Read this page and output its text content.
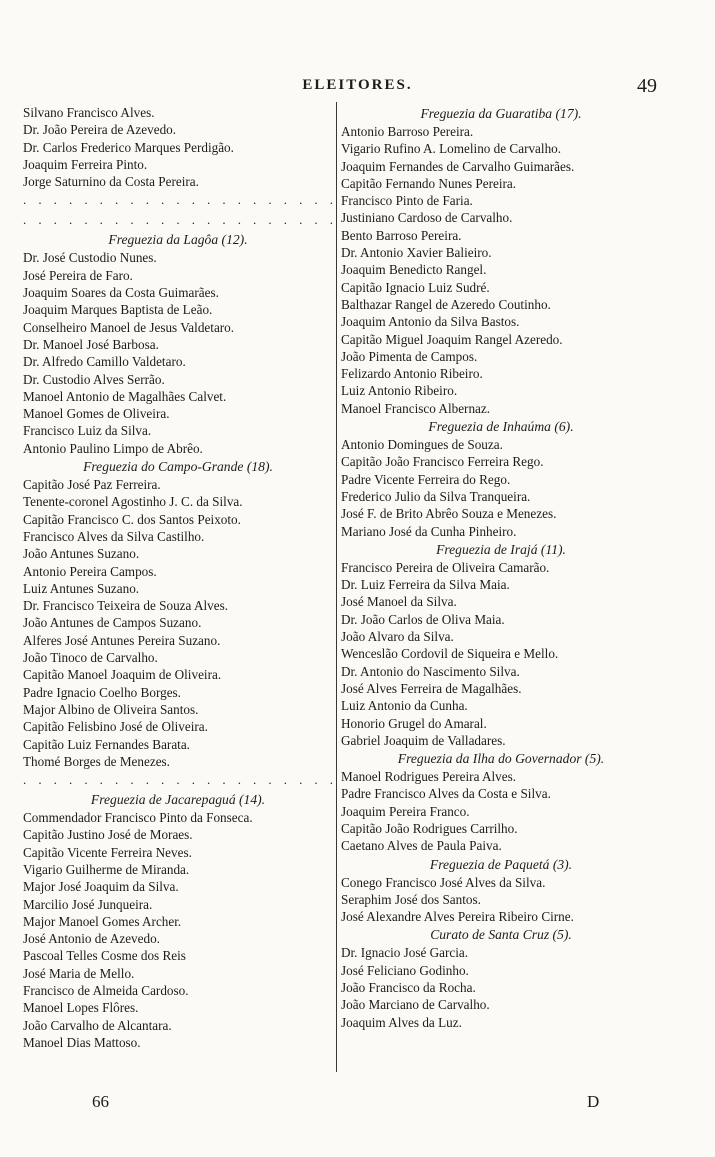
ELEITORES.	49
Silvano Francisco Alves.
Dr. João Pereira de Azevedo.
Dr. Carlos Frederico Marques Perdigão.
Joaquim Ferreira Pinto.
Jorge Saturnino da Costa Pereira.
. . . . . . . . . . . . . . . . . . . . .
. . . . . . . . . . . . . . . . . . . . .
Freguezia da Lagôa (12).
Dr. José Custodio Nunes.
José Pereira de Faro.
Joaquim Soares da Costa Guimarães.
Joaquim Marques Baptista de Leão.
Conselheiro Manoel de Jesus Valdetaro.
Dr. Manoel José Barbosa.
Dr. Alfredo Camillo Valdetaro.
Dr. Custodio Alves Serrão.
Manoel Antonio de Magalhães Calvet.
Manoel Gomes de Oliveira.
Francisco Luiz da Silva.
Antonio Paulino Limpo de Abrêo.
Freguezia do Campo-Grande (18).
Capitão José Paz Ferreira.
Tenente-coronel Agostinho J. C. da Silva.
Capitão Francisco C. dos Santos Peixoto.
Francisco Alves da Silva Castilho.
João Antunes Suzano.
Antonio Pereira Campos.
Luiz Antunes Suzano.
Dr. Francisco Teixeira de Souza Alves.
João Antunes de Campos Suzano.
Alferes José Antunes Pereira Suzano.
João Tinoco de Carvalho.
Capitão Manoel Joaquim de Oliveira.
Padre Ignacio Coelho Borges.
Major Albino de Oliveira Santos.
Capitão Felisbino José de Oliveira.
Capitão Luiz Fernandes Barata.
Thomé Borges de Menezes.
. . . . . . . . . . . . . . . . . . . . .
Freguezia de Jacarepaguá (14).
Commendador Francisco Pinto da Fonseca.
Capitão Justino José de Moraes.
Capitão Vicente Ferreira Neves.
Vigario Guilherme de Miranda.
Major José Joaquim da Silva.
Marcilio José Junqueira.
Major Manoel Gomes Archer.
José Antonio de Azevedo.
Pascoal Telles Cosme dos Reis
José Maria de Mello.
Francisco de Almeida Cardoso.
Manoel Lopes Flôres.
João Carvalho de Alcantara.
Manoel Dias Mattoso.
Freguezia da Guaratiba (17).
Antonio Barroso Pereira.
Vigario Rufino A. Lomelino de Carvalho.
Joaquim Fernandes de Carvalho Guimarães.
Capitão Fernando Nunes Pereira.
Francisco Pinto de Faria.
Justiniano Cardoso de Carvalho.
Bento Barroso Pereira.
Dr. Antonio Xavier Balieiro.
Joaquim Benedicto Rangel.
Capitão Ignacio Luiz Sudré.
Balthazar Rangel de Azeredo Coutinho.
Joaquim Antonio da Silva Bastos.
Capitão Miguel Joaquim Rangel Azeredo.
João Pimenta de Campos.
Felizardo Antonio Ribeiro.
Luiz Antonio Ribeiro.
Manoel Francisco Albernaz.
Freguezia de Inhaúma (6).
Antonio Domingues de Souza.
Capitão João Francisco Ferreira Rego.
Padre Vicente Ferreira do Rego.
Frederico Julio da Silva Tranqueira.
José F. de Brito Abrêo Souza e Menezes.
Mariano José da Cunha Pinheiro.
Freguezia de Irajá (11).
Francisco Pereira de Oliveira Camarão.
Dr. Luiz Ferreira da Silva Maia.
José Manoel da Silva.
Dr. João Carlos de Oliva Maia.
João Alvaro da Silva.
Wenceslão Cordovil de Siqueira e Mello.
Dr. Antonio do Nascimento Silva.
José Alves Ferreira de Magalhães.
Luiz Antonio da Cunha.
Honorio Grugel do Amaral.
Gabriel Joaquim de Valladares.
Freguezia da Ilha do Governador (5).
Manoel Rodrigues Pereira Alves.
Padre Francisco Alves da Costa e Silva.
Joaquim Pereira Franco.
Capitão João Rodrigues Carrilho.
Caetano Alves de Paula Paiva.
Freguezia de Paquetá (3).
Conego Francisco José Alves da Silva.
Seraphim José dos Santos.
José Alexandre Alves Pereira Ribeiro Cirne.
Curato de Santa Cruz (5).
Dr. Ignacio José Garcia.
José Feliciano Godinho.
João Francisco da Rocha.
João Marciano de Carvalho.
Joaquim Alves da Luz.
66	D
